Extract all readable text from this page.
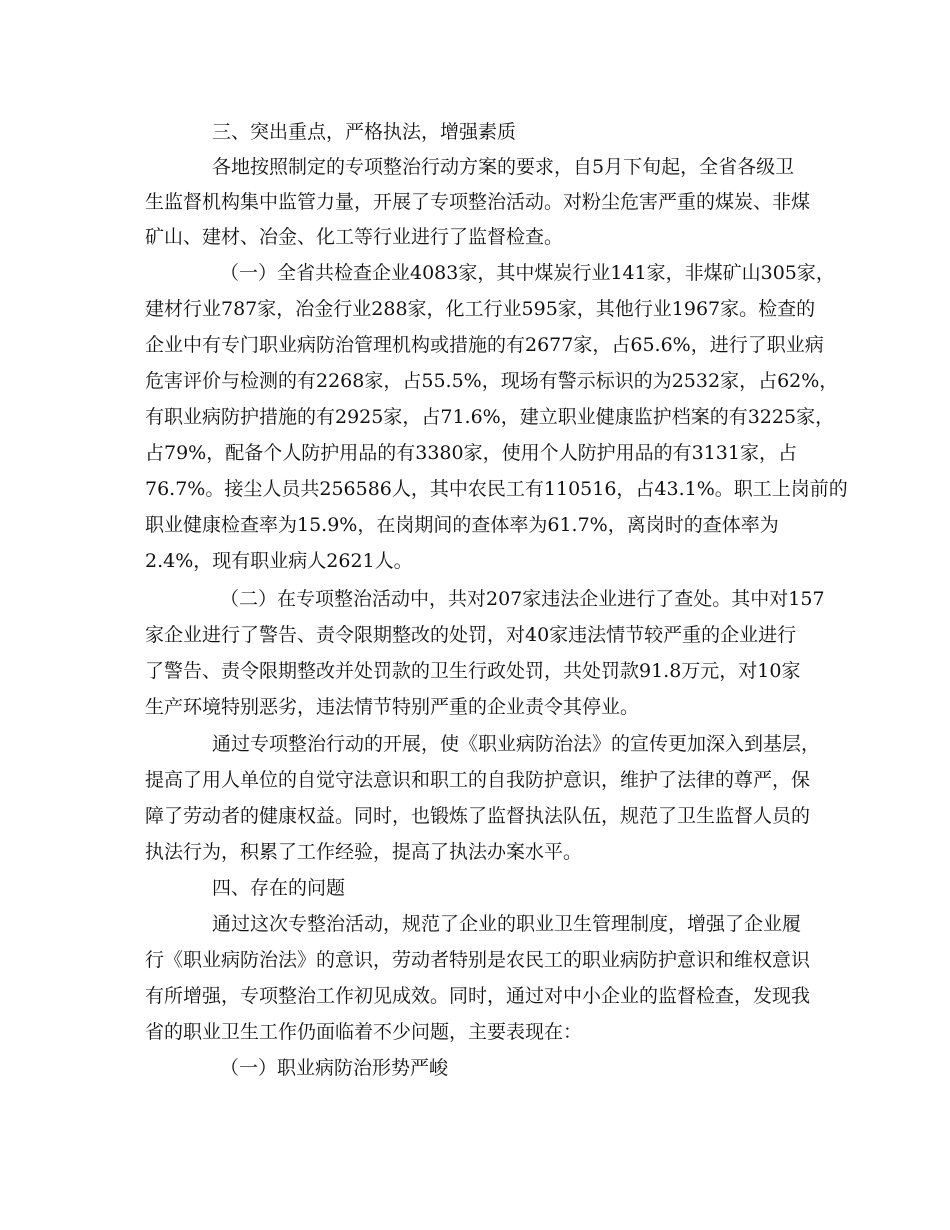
三、突出重点，严格执法，增强素质
各地按照制定的专项整治行动方案的要求，自5月下旬起，全省各级卫
生监督机构集中监管力量，开展了专项整治活动。对粉尘危害严重的煤炭、非煤
矿山、建材、冶金、化工等行业进行了监督检查。
（一）全省共检查企业4083家，其中煤炭行业141家，非煤矿山305家，
建材行业787家，冶金行业288家，化工行业595家，其他行业1967家。检查的
企业中有专门职业病防治管理机构或措施的有2677家，占65.6%，进行了职业病
危害评价与检测的有2268家，占55.5%，现场有警示标识的为2532家，占62%，
有职业病防护措施的有2925家，占71.6%，建立职业健康监护档案的有3225家，
占79%，配备个人防护用品的有3380家，使用个人防护用品的有3131家，占
76.7%。接尘人员共256586人，其中农民工有110516，占43.1%。职工上岗前的
职业健康检查率为15.9%，在岗期间的查体率为61.7%，离岗时的查体率为
2.4%，现有职业病人2621人。
（二）在专项整治活动中，共对207家违法企业进行了查处。其中对157
家企业进行了警告、责令限期整改的处罚，对40家违法情节较严重的企业进行
了警告、责令限期整改并处罚款的卫生行政处罚，共处罚款91.8万元，对10家
生产环境特别恶劣，违法情节特别严重的企业责令其停业。
通过专项整治行动的开展，使《职业病防治法》的宣传更加深入到基层，
提高了用人单位的自觉守法意识和职工的自我防护意识，维护了法律的尊严，保
障了劳动者的健康权益。同时，也锻炼了监督执法队伍，规范了卫生监督人员的
执法行为，积累了工作经验，提高了执法办案水平。
四、存在的问题
通过这次专整治活动，规范了企业的职业卫生管理制度，增强了企业履
行《职业病防治法》的意识，劳动者特别是农民工的职业病防护意识和维权意识
有所增强，专项整治工作初见成效。同时，通过对中小企业的监督检查，发现我
省的职业卫生工作仍面临着不少问题，主要表现在：
（一）职业病防治形势严峻
